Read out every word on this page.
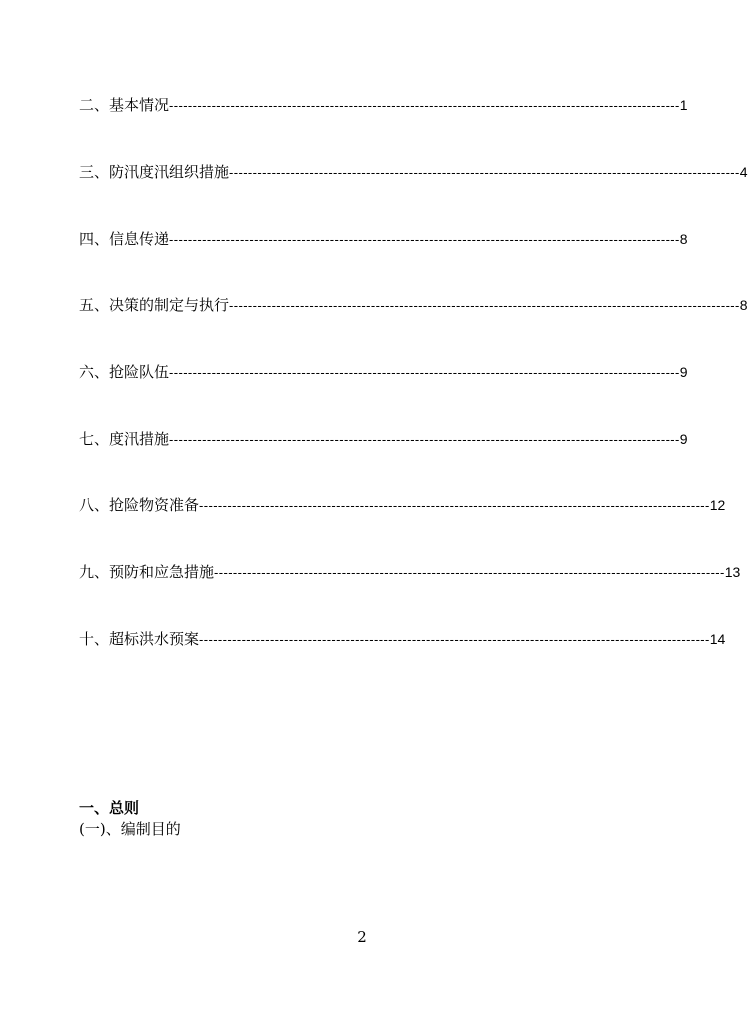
二、基本情况 ------------------------------------------------------------------------------------------------------------ 1
三、防汛度汛组织措施 ------------------------------------------------------------------------------------------------------------ 4
四、信息传递 ------------------------------------------------------------------------------------------------------------ 8
五、决策的制定与执行 ------------------------------------------------------------------------------------------------------------ 8
六、抢险队伍 ------------------------------------------------------------------------------------------------------------ 9
七、度汛措施 ------------------------------------------------------------------------------------------------------------ 9
八、抢险物资准备 ------------------------------------------------------------------------------------------------------------ 12
九、预防和应急措施 ------------------------------------------------------------------------------------------------------------ 13
十、超标洪水预案 ------------------------------------------------------------------------------------------------------------ 14
一、总则
(一)、编制目的
2
